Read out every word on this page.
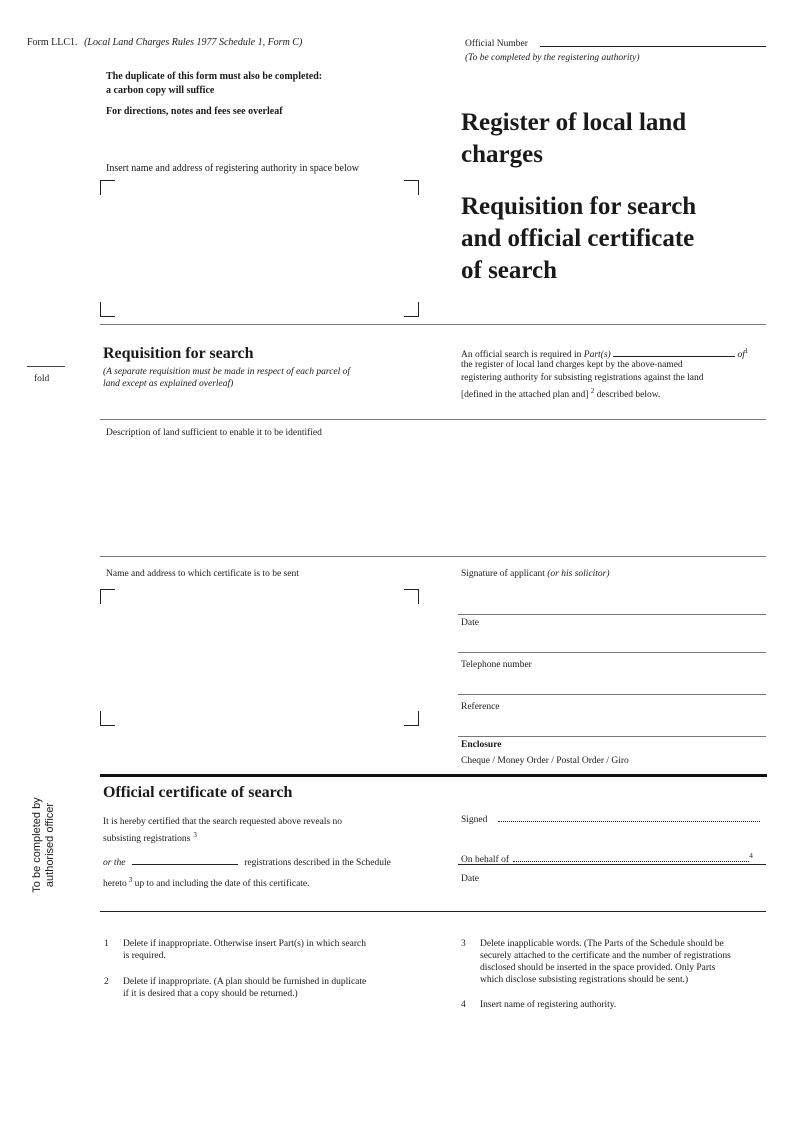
Form LLC1. (Local Land Charges Rules 1977 Schedule 1, Form C)	Official Number
(To be completed by the registering authority)
The duplicate of this form must also be completed:
a carbon copy will suffice
For directions, notes and fees see overleaf
Insert name and address of registering authority in space below
Register of local land
charges
Requisition for search
and official certificate
of search
fold
Requisition for search
(A separate requisition must be made in respect of each parcel of
land except as explained overleaf)
An official search is required in Part(s)	$of^1$
the register of local land charges kept by the above-named
registering authority for subsisting registrations against the land
[defined in the attached plan and] $^2$ described below.
Description of land sufficient to enable it to be identified
Name and address to which certificate is to be sent	Signature of applicant (or his solicitor)
Date
Telephone number
Reference
Enclosure
Cheque / Money Order / Postal Order / Giro
To be completed by authorised officer
Official certificate of search
It is hereby certified that the search requested above reveals no
subsisting registrations $^3$
or the	registrations described in the Schedule
hereto $^3$ up to and including the date of this certificate.
Signed
On behalf of	$^4$
Date
1 Delete if inappropriate. Otherwise insert Part(s) in which search
is required.
2 Delete if inappropriate. (A plan should be furnished in duplicate
if it is desired that a copy should be returned.)
3 Delete inapplicable words. (The Parts of the Schedule should be
securely attached to the certificate and the number of registrations
disclosed should be inserted in the space provided. Only Parts
which disclose subsisting registrations should be sent.)
4 Insert name of registering authority.
